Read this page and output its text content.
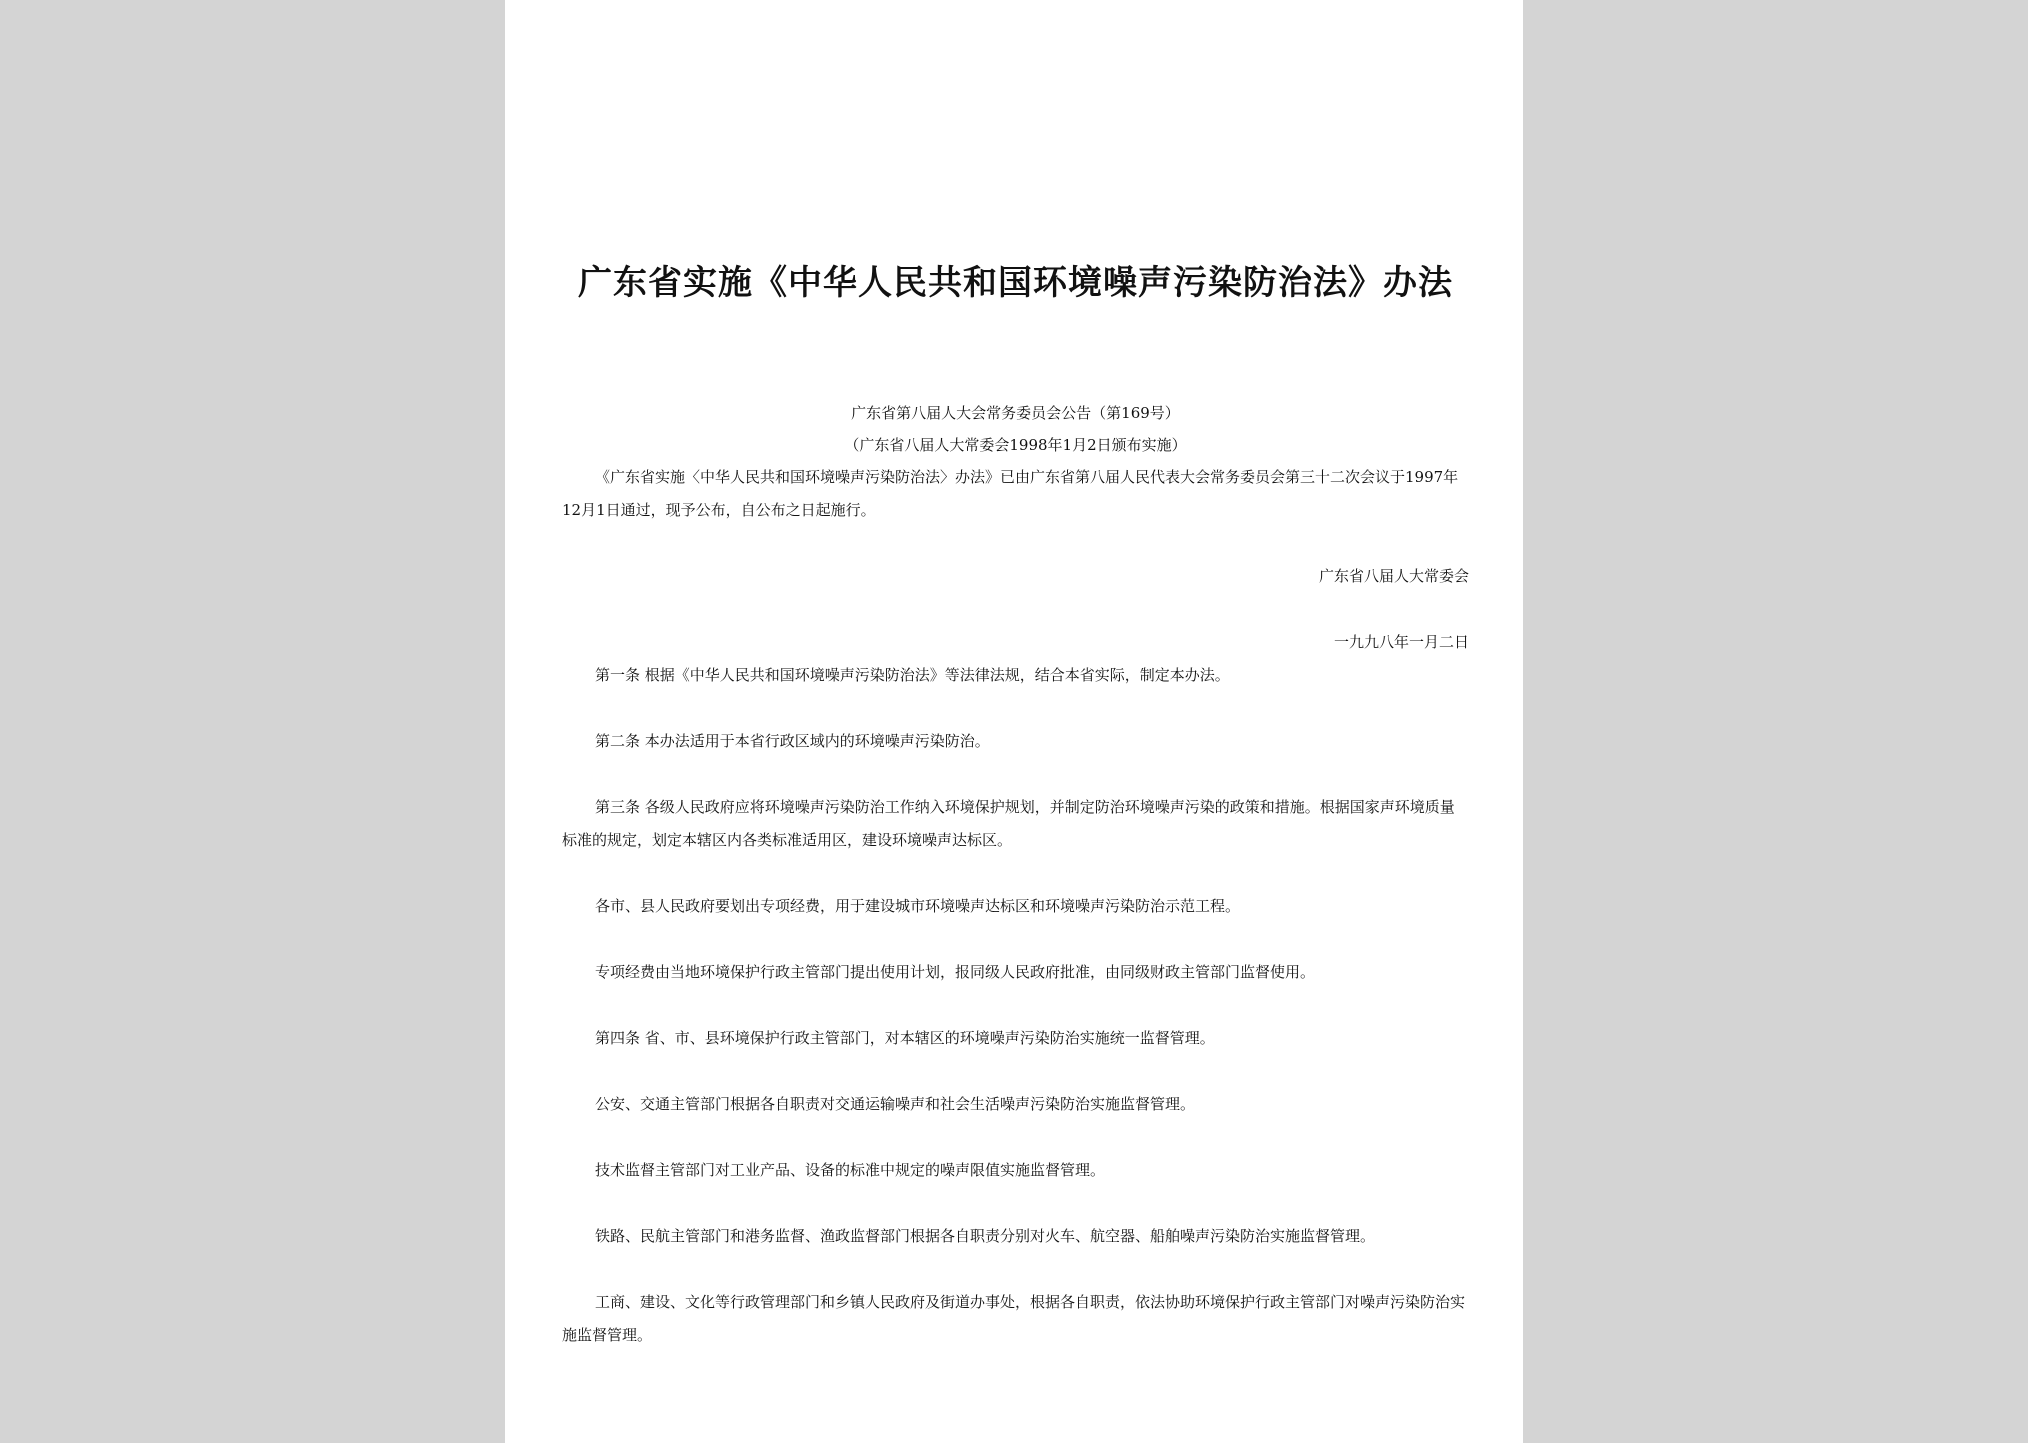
广东省实施《中华人民共和国环境噪声污染防治法》办法

广东省第八届人大会常务委员会公告（第169号）

（广东省八届人大常委会1998年1月2日颁布实施）

《广东省实施〈中华人民共和国环境噪声污染防治法〉办法》已由广东省第八届人民代表大会常务委员会第三十二次会议于1997年12月1日通过，现予公布，自公布之日起施行。

广东省八届人大常委会

一九九八年一月二日

第一条 根据《中华人民共和国环境噪声污染防治法》等法律法规，结合本省实际，制定本办法。

第二条 本办法适用于本省行政区域内的环境噪声污染防治。

第三条 各级人民政府应将环境噪声污染防治工作纳入环境保护规划，并制定防治环境噪声污染的政策和措施。根据国家声环境质量标准的规定，划定本辖区内各类标准适用区，建设环境噪声达标区。

各市、县人民政府要划出专项经费，用于建设城市环境噪声达标区和环境噪声污染防治示范工程。

专项经费由当地环境保护行政主管部门提出使用计划，报同级人民政府批准，由同级财政主管部门监督使用。

第四条 省、市、县环境保护行政主管部门，对本辖区的环境噪声污染防治实施统一监督管理。

公安、交通主管部门根据各自职责对交通运输噪声和社会生活噪声污染防治实施监督管理。

技术监督主管部门对工业产品、设备的标准中规定的噪声限值实施监督管理。

铁路、民航主管部门和港务监督、渔政监督部门根据各自职责分别对火车、航空器、船舶噪声污染防治实施监督管理。

工商、建设、文化等行政管理部门和乡镇人民政府及街道办事处，根据各自职责，依法协助环境保护行政主管部门对噪声污染防治实施监督管理。
